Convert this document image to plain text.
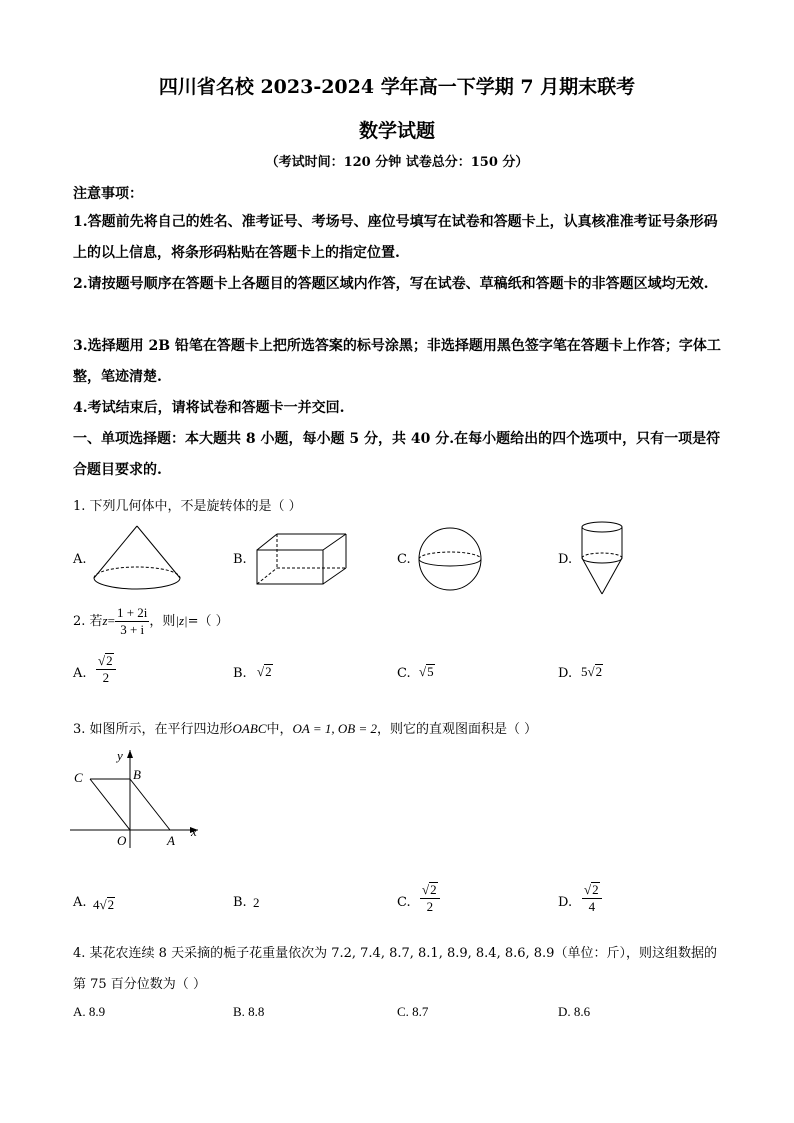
四川省名校 2023-2024 学年高一下学期 7 月期末联考
数学试题
（考试时间：120 分钟 试卷总分：150 分）
注意事项：
1.答题前先将自己的姓名、准考证号、考场号、座位号填写在试卷和答题卡上，认真核准准考证号条形码上的以上信息，将条形码粘贴在答题卡上的指定位置.
2.请按题号顺序在答题卡上各题目的答题区域内作答，写在试卷、草稿纸和答题卡的非答题区域均无效.
3.选择题用 2B 铅笔在答题卡上把所选答案的标号涂黑；非选择题用黑色签字笔在答题卡上作答；字体工整，笔迹清楚.
4.考试结束后，请将试卷和答题卡一并交回.
一、单项选择题：本大题共 8 小题，每小题 5 分，共 40 分.在每小题给出的四个选项中，只有一项是符合题目要求的.
1. 下列几何体中，不是旋转体的是（ ）
A.	B.	C.	D.
2. 若$z= \frac{1 + 2i}{3 + i}$ ，则|z|=（ ）
A. $\frac{√2}{2}$	B. √2	C. √5	D. 5√2
3. 如图所示，在平行四边形OABC中，OA = 1, OB = 2，则它的直观图面积是（ ）
y
x
O	A
B
C
A. 4√2	B. 2	C. $\frac{√2}{2}$	D. $\frac{√2}{4}$
4. 某花农连续 8 天采摘的栀子花重量依次为 7.2, 7.4, 8.7, 8.1, 8.9, 8.4, 8.6, 8.9（单位：斤），则这组数据的
第 75 百分位数为（ ）
A. 8.9	B. 8.8	C. 8.7	D. 8.6
